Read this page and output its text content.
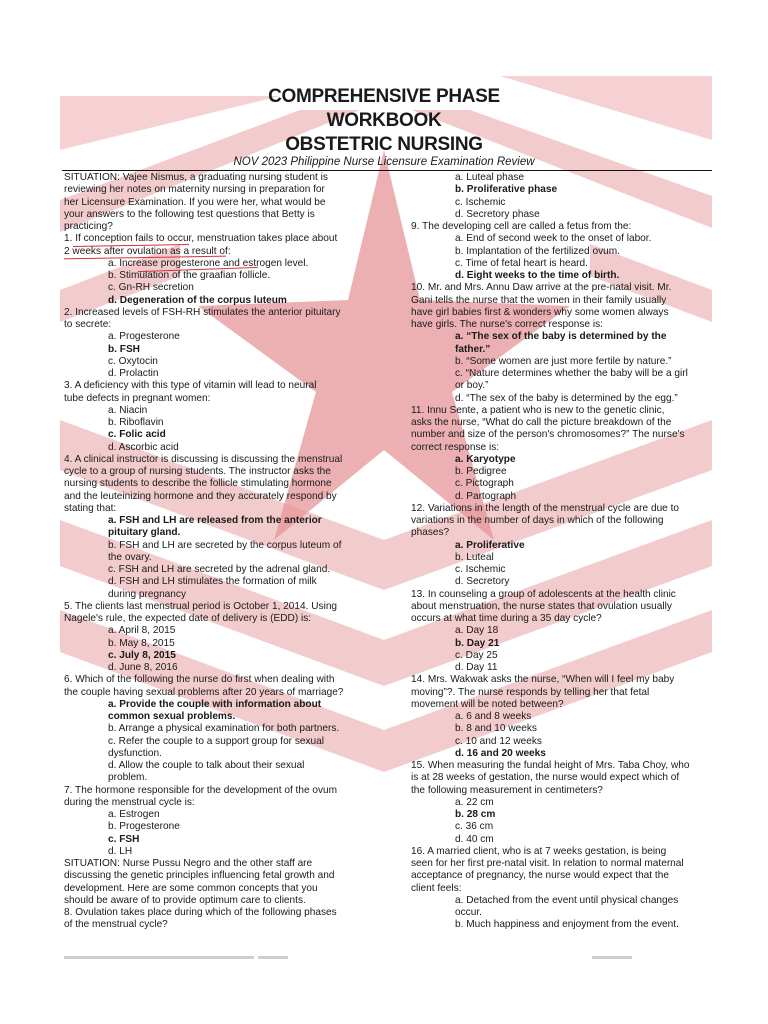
COMPREHENSIVE PHASE
WORKBOOK
OBSTETRIC NURSING
NOV 2023 Philippine Nurse Licensure Examination Review

SITUATION: Vajee Nismus, a graduating nursing student is

reviewing her notes on maternity nursing in preparation for

her Licensure Examination. If you were her, what would be

your answers to the following test questions that Betty is

practicing?

1. If conception fails to occur, menstruation takes place about

2 weeks after ovulation as a result of:

a. Increase progesterone and estrogen level.

b. Stimulation of the graafian follicle.

c. Gn-RH secretion

d. Degeneration of the corpus luteum

2. Increased levels of FSH-RH stimulates the anterior pituitary

to secrete:

a. Progesterone

b. FSH

c. Oxytocin

d. Prolactin

3. A deficiency with this type of vitamin will lead to neural

tube defects in pregnant women:

a. Niacin

b. Riboflavin

c. Folic acid

d. Ascorbic acid

4. A clinical instructor is discussing is discussing the menstrual

cycle to a group of nursing students. The instructor asks the

nursing students to describe the follicle stimulating hormone

and the leuteinizing hormone and they accurately respond by

stating that:

a. FSH and LH are released from the anterior

pituitary gland.

b. FSH and LH are secreted by the corpus luteum of

the ovary.

c. FSH and LH are secreted by the adrenal gland.

d. FSH and LH stimulates the formation of milk

during pregnancy

5. The clients last menstrual period is October 1, 2014. Using

Nagele's rule, the expected date of delivery is (EDD) is:

a. April 8, 2015

b. May 8, 2015

c. July 8, 2015

d. June 8, 2016

6. Which of the following the nurse do first when dealing with

the couple having sexual problems after 20 years of marriage?

a. Provide the couple with information about

common sexual problems.

b. Arrange a physical examination for both partners.

c. Refer the couple to a support group for sexual

dysfunction.

d. Allow the couple to talk about their sexual

problem.

7. The hormone responsible for the development of the ovum

during the menstrual cycle is:

a. Estrogen

b. Progesterone

c. FSH

d. LH

SITUATION: Nurse Pussu Negro and the other staff are

discussing the genetic principles influencing fetal growth and

development. Here are some common concepts that you

should be aware of to provide optimum care to clients.

8. Ovulation takes place during which of the following phases

of the menstrual cycle?

a. Luteal phase

b. Proliferative phase

c. Ischemic

d. Secretory phase

9. The developing cell are called a fetus from the:

a. End of second week to the onset of labor.

b. Implantation of the fertilized ovum.

c. Time of fetal heart is heard.

d. Eight weeks to the time of birth.

10. Mr. and Mrs. Annu Daw arrive at the pre-natal visit. Mr.

Gani tells the nurse that the women in their family usually

have girl babies first & wonders why some women always

have girls. The nurse's correct response is:

a. “The sex of the baby is determined by the

father.”

b. “Some women are just more fertile by nature.”

c. “Nature determines whether the baby will be a girl

or boy.”

d. “The sex of the baby is determined by the egg.”

11. Innu Sente, a patient who is new to the genetic clinic,

asks the nurse, “What do call the picture breakdown of the

number and size of the person's chromosomes?” The nurse's

correct response is:

a. Karyotype

b. Pedigree

c. Pictograph

d. Partograph

12. Variations in the length of the menstrual cycle are due to

variations in the number of days in which of the following

phases?

a. Proliferative

b. Luteal

c. Ischemic

d. Secretory

13. In counseling a group of adolescents at the health clinic

about menstruation, the nurse states that ovulation usually

occurs at what time during a 35 day cycle?

a. Day 18

b. Day 21

c. Day 25

d. Day 11

14. Mrs. Wakwak asks the nurse, “When will I feel my baby

moving”?. The nurse responds by telling her that fetal

movement will be noted between?

a. 6 and 8 weeks

b. 8 and 10 weeks

c. 10 and 12 weeks

d. 16 and 20 weeks

15. When measuring the fundal height of Mrs. Taba Choy, who

is at 28 weeks of gestation, the nurse would expect which of

the following measurement in centimeters?

a. 22 cm

b. 28 cm

c. 36 cm

d. 40 cm

16. A married client, who is at 7 weeks gestation, is being

seen for her first pre-natal visit. In relation to normal maternal

acceptance of pregnancy, the nurse would expect that the

client feels:

a. Detached from the event until physical changes

occur.

b. Much happiness and enjoyment from the event.
